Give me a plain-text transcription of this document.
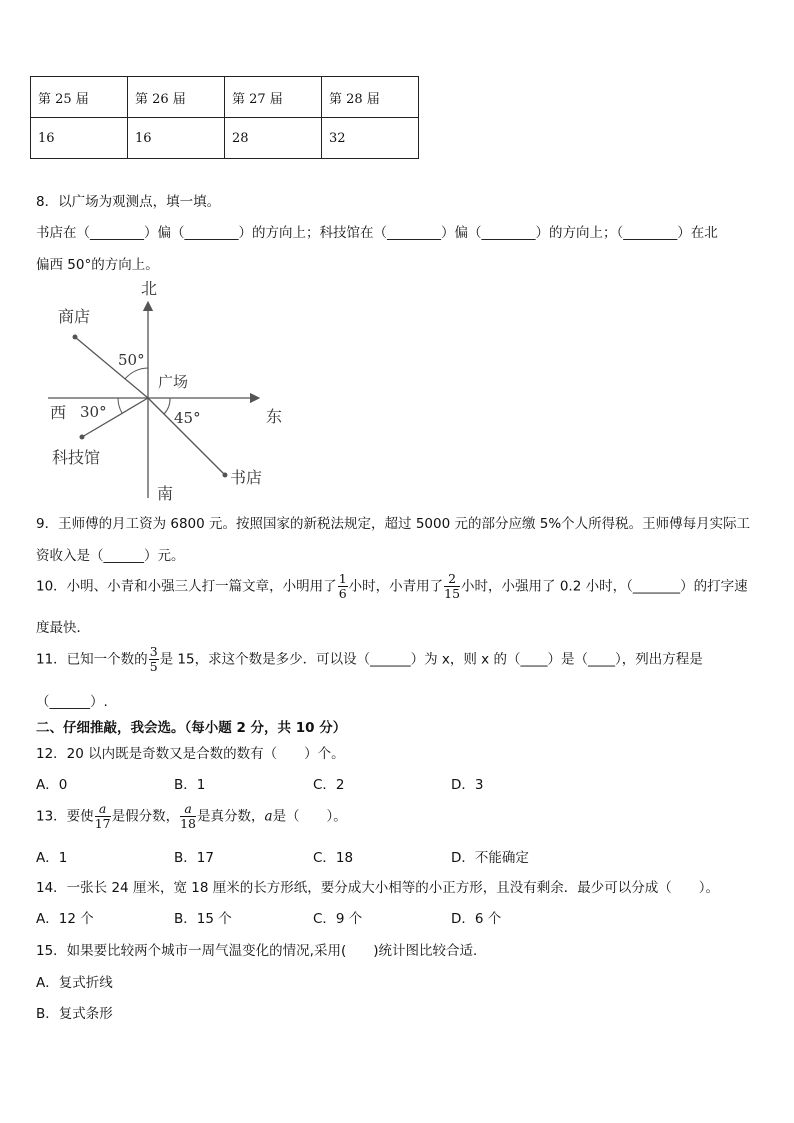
第 25 届	第 26 届	第 27 届	第 28 届
16	16	28	32
8．以广场为观测点，填一填。
书店在（________）偏（________）的方向上；科技馆在（________）偏（________）的方向上；（________）在北
偏西 50°的方向上。
北
南
东
西
广场
商店
科技馆
书店
50°
30°	45°
9．王师傅的月工资为 6800 元。按照国家的新税法规定，超过 5000 元的部分应缴 5%个人所得税。王师傅每月实际工
资收入是（______）元。
10．小明、小青和小强三人打一篇文章，小明用了 $\frac{1}{6}$ 小时，小青用了 $\frac{2}{15}$ 小时，小强用了 0.2 小时，（_______）的打字速
度最快．
11．已知一个数的 $\frac{3}{5}$ 是 15，求这个数是多少．可以设（______）为 x，则 x 的（____）是（____），列出方程是
（______）.
二、仔细推敲，我会选。（每小题 2 分，共 10 分）
12．20 以内既是奇数又是合数的数有（　　）个。
A．0	B．1	C．2	D．3
13．要使 $\frac{a}{17}$ 是假分数， $\frac{a}{18}$ 是真分数，a是（　　）。
A．1	B．17	C．18	D．不能确定
14．一张长 24 厘米，宽 18 厘米的长方形纸，要分成大小相等的小正方形，且没有剩余．最少可以分成（　　）。
A．12 个	B．15 个	C．9 个	D．6 个
15．如果要比较两个城市一周气温变化的情况,采用(　　)统计图比较合适．
A．复式折线
B．复式条形
